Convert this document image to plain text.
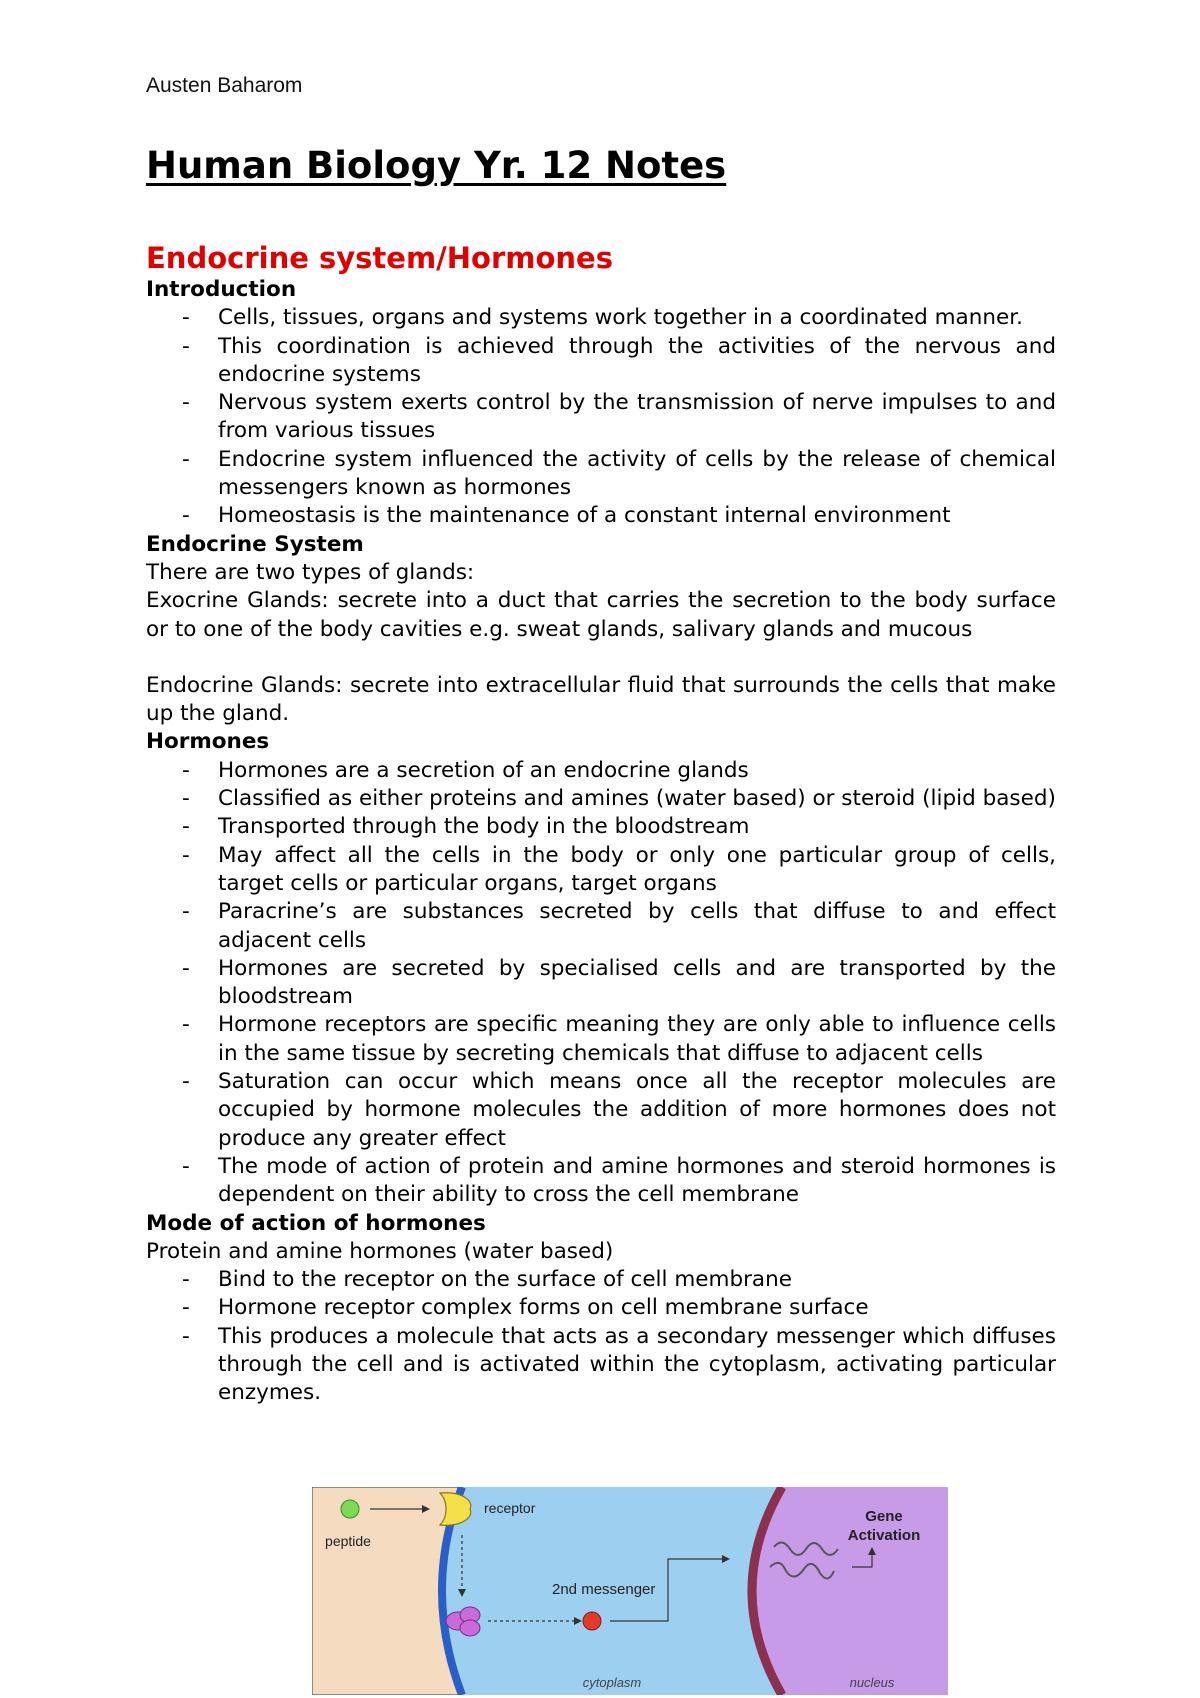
Austen Baharom
Human Biology Yr. 12 Notes
Endocrine system/Hormones

Introduction

- Cells, tissues, organs and systems work together in a coordinated manner.
- This coordination is achieved through the activities of the nervous and endocrine systems
- Nervous system exerts control by the transmission of nerve impulses to and from various tissues
- Endocrine system influenced the activity of cells by the release of chemical messengers known as hormones
- Homeostasis is the maintenance of a constant internal environment

Endocrine System

There are two types of glands:

Exocrine Glands: secrete into a duct that carries the secretion to the body surface or to one of the body cavities e.g. sweat glands, salivary glands and mucous

Endocrine Glands: secrete into extracellular fluid that surrounds the cells that make up the gland.

Hormones

- Hormones are a secretion of an endocrine glands
- Classified as either proteins and amines (water based) or steroid (lipid based)
- Transported through the body in the bloodstream
- May affect all the cells in the body or only one particular group of cells, target cells or particular organs, target organs
- Paracrine’s are substances secreted by cells that diffuse to and effect adjacent cells
- Hormones are secreted by specialised cells and are transported by the bloodstream
- Hormone receptors are specific meaning they are only able to influence cells in the same tissue by secreting chemicals that diffuse to adjacent cells
- Saturation can occur which means once all the receptor molecules are occupied by hormone molecules the addition of more hormones does not produce any greater effect
- The mode of action of protein and amine hormones and steroid hormones is dependent on their ability to cross the cell membrane

Mode of action of hormones

Protein and amine hormones (water based)

- Bind to the receptor on the surface of cell membrane
- Hormone receptor complex forms on cell membrane surface
- This produces a molecule that acts as a secondary messenger which diffuses through the cell and is activated within the cytoplasm, activating particular enzymes.
peptide
receptor
2nd messenger
Gene
Activation
cytoplasm	nucleus
